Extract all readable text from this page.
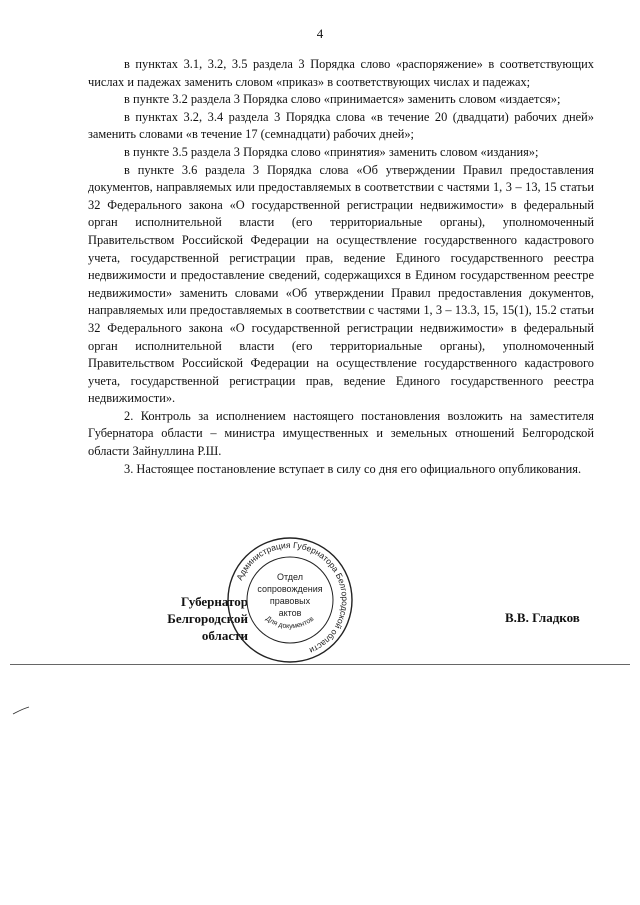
4

в пунктах 3.1, 3.2, 3.5 раздела 3 Порядка слово «распоряжение» в соответствующих числах и падежах заменить словом «приказ» в соответствующих числах и падежах;

в пункте 3.2 раздела 3 Порядка слово «принимается» заменить словом «издается»;

в пунктах 3.2, 3.4 раздела 3 Порядка слова «в течение 20 (двадцати) рабочих дней» заменить словами «в течение 17 (семнадцати) рабочих дней»;

в пункте 3.5 раздела 3 Порядка слово «принятия» заменить словом «издания»;

в пункте 3.6 раздела 3 Порядка слова «Об утверждении Правил предоставления документов, направляемых или предоставляемых в соответствии с частями 1, 3 – 13, 15 статьи 32 Федерального закона «О государственной регистрации недвижимости» в федеральный орган исполнительной власти (его территориальные органы), уполномоченный Правительством Российской Федерации на осуществление государственного кадастрового учета, государственной регистрации прав, ведение Единого государственного реестра недвижимости и предоставление сведений, содержащихся в Едином государственном реестре недвижимости» заменить словами «Об утверждении Правил предоставления документов, направляемых или предоставляемых в соответствии с частями 1, 3 – 13.3, 15, 15(1), 15.2 статьи 32 Федерального закона «О государственной регистрации недвижимости» в федеральный орган исполнительной власти (его территориальные органы), уполномоченный Правительством Российской Федерации на осуществление государственного кадастрового учета, государственной регистрации прав, ведение Единого государственного реестра недвижимости».

2. Контроль за исполнением настоящего постановления возложить на заместителя Губернатора области – министра имущественных и земельных отношений Белгородской области Зайнуллина Р.Ш.

3. Настоящее постановление вступает в силу со дня его официального опубликования.

Губернатор
Белгородской области
В.В. Гладков
Администрация Губернатора Белгородской области
Отдел
сопровождения
правовых
актов
Для документов
